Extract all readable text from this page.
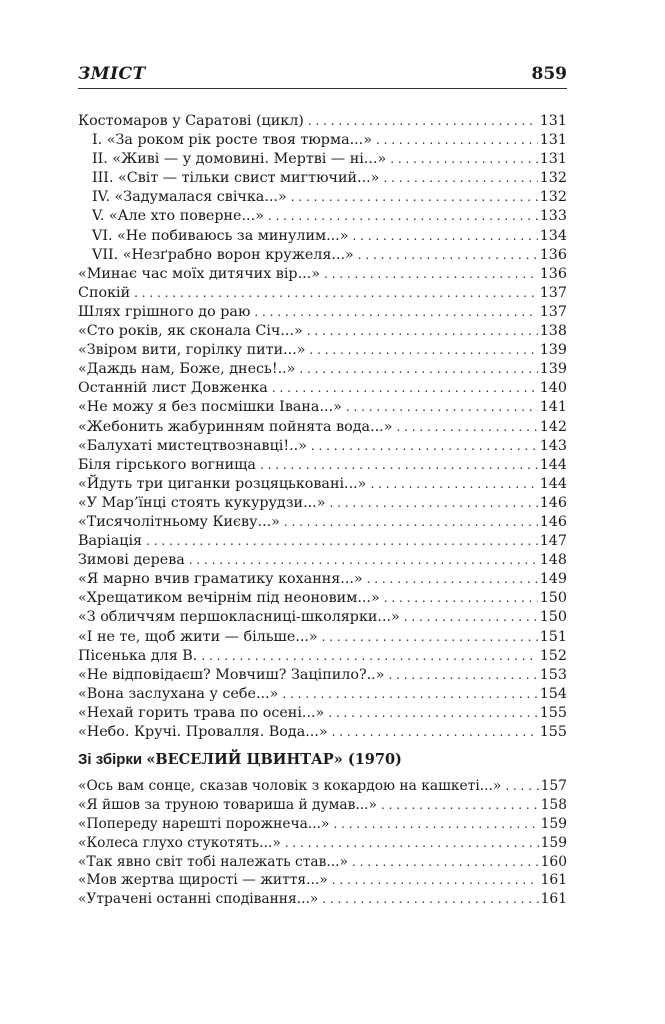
ЗМІСТ	859
Костомаров у Саратові (цикл) . . .	131
I. «За роком рік росте твоя тюрма...» . . .	131
II. «Живі — у домовині. Мертві — ні...» . . .	131
III. «Світ — тільки свист мигтючий...» . . .	132
IV. «Задумалася свічка...» . . .	132
V. «Але хто поверне...» . . .	133
VI. «Не побиваюсь за минулим...» . . .	134
VII. «Незґрабно ворон кружеля...» . . .	136
«Минає час моїх дитячих вір...» . . .	136
Спокій . . .	137
Шлях грішного до раю . . .	137
«Сто років, як сконала Січ...» . . .	138
«Звіром вити, горілку пити...» . . .	139
«Даждь нам, Боже, днесь!..» . . .	139
Останній лист Довженка . . .	140
«Не можу я без посмішки Івана...» . . .	141
«Жебонить жабуринням пойнята вода...» . . .	142
«Балухаті мистецтвознавці!..» . . .	143
Біля гірського вогнища . . .	144
«Йдуть три циганки розцяцьковані...» . . .	144
«У Мар’їнці стоять кукурудзи...» . . .	146
«Тисячолітньому Києву...» . . .	146
Варіація . . .	147
Зимові дерева . . .	148
«Я марно вчив граматику кохання...» . . .	149
«Хрещатиком вечірнім під неоновим...» . . .	150
«З обличчям першокласниці-школярки...» . . .	150
«І не те, щоб жити — більше...» . . .	151
Пісенька для В. . . .	152
«Не відповідаєш? Мовчиш? Заціпило?..» . . .	153
«Вона заслухана у себе...» . . .	154
«Нехай горить трава по осені...» . . .	155
«Небо. Кручі. Провалля. Вода...» . . .	155
Зі збірки «ВЕСЕЛИЙ ЦВИНТАР» (1970)
«Ось вам сонце, сказав чоловік з кокардою на кашкеті...» . . .	157
«Я йшов за труною товариша й думав...» . . .	158
«Попереду нарешті порожнеча...» . . .	159
«Колеса глухо стукотять...» . . .	159
«Так явно світ тобі належать став...» . . .	160
«Мов жертва щирості — життя...» . . .	161
«Утрачені останні сподівання...» . . .	161
